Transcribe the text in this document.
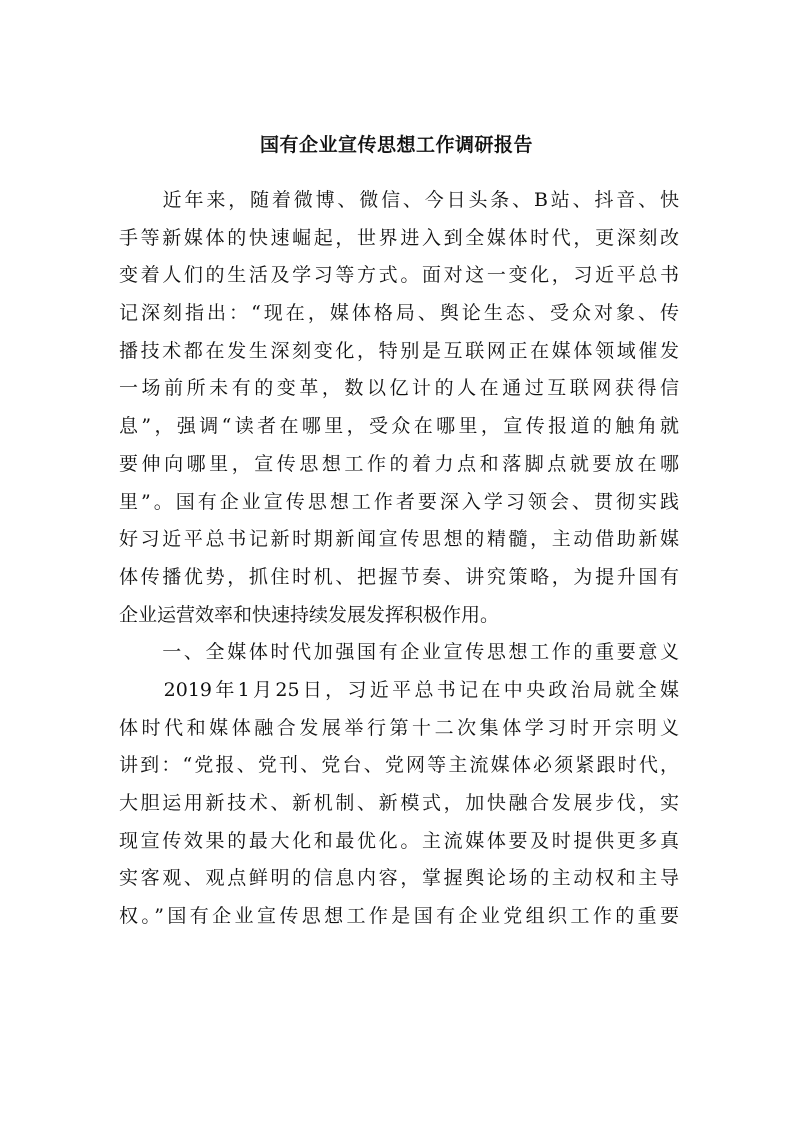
国有企业宣传思想工作调研报告
　　近年来，随着微博、微信、今日头条、B站、抖音、快
手等新媒体的快速崛起，世界进入到全媒体时代，更深刻改
变着人们的生活及学习等方式。面对这一变化，习近平总书
记深刻指出：“现在，媒体格局、舆论生态、受众对象、传
播技术都在发生深刻变化，特别是互联网正在媒体领域催发
一场前所未有的变革，数以亿计的人在通过互联网获得信
息”，强调“读者在哪里，受众在哪里，宣传报道的触角就
要伸向哪里，宣传思想工作的着力点和落脚点就要放在哪
里”。国有企业宣传思想工作者要深入学习领会、贯彻实践
好习近平总书记新时期新闻宣传思想的精髓，主动借助新媒
体传播优势，抓住时机、把握节奏、讲究策略，为提升国有
企业运营效率和快速持续发展发挥积极作用。
　　一、全媒体时代加强国有企业宣传思想工作的重要意义
　　2019年1月25日，习近平总书记在中央政治局就全媒
体时代和媒体融合发展举行第十二次集体学习时开宗明义
讲到：“党报、党刊、党台、党网等主流媒体必须紧跟时代，
大胆运用新技术、新机制、新模式，加快融合发展步伐，实
现宣传效果的最大化和最优化。主流媒体要及时提供更多真
实客观、观点鲜明的信息内容，掌握舆论场的主动权和主导
权。”国有企业宣传思想工作是国有企业党组织工作的重要
